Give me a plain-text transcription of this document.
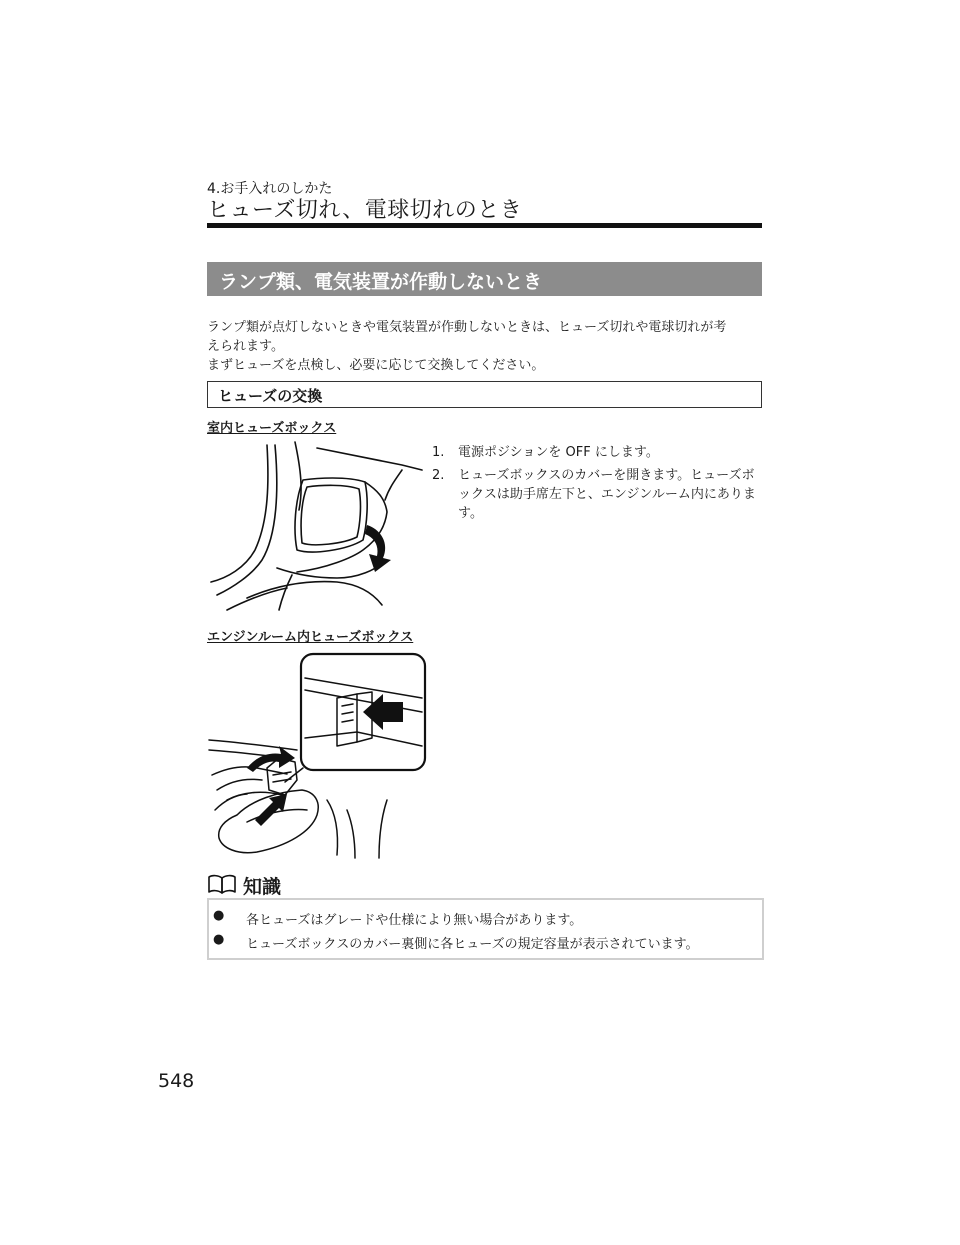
4.お手入れのしかた
ヒューズ切れ、電球切れのとき
ランプ類、電気装置が作動しないとき

ランプ類が点灯しないときや電気装置が作動しないときは、ヒューズ切れや電球切れが考

えられます。

まずヒューズを点検し、必要に応じて交換してください。

ヒューズの交換
室内ヒューズボックス
1. 電源ポジションを OFF にします。
2. ヒューズボックスのカバーを開きます。ヒューズボックスは助手席左下と、エンジンルーム内にあります。
エンジンルーム内ヒューズボックス
知識
● 各ヒューズはグレードや仕様により無い場合があります。
● ヒューズボックスのカバー裏側に各ヒューズの規定容量が表示されています。
548
